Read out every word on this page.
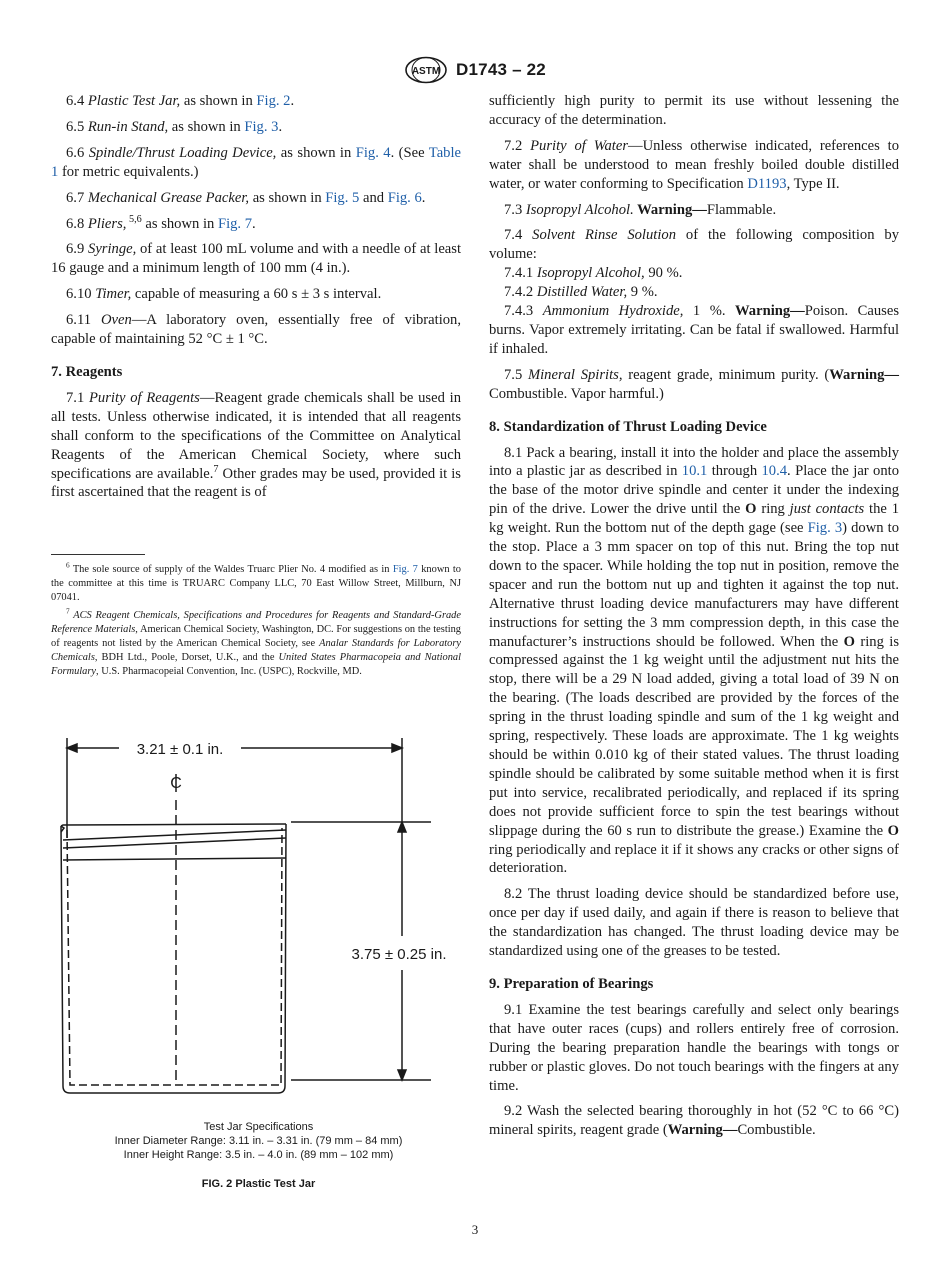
ASTM D1743 – 22

6.4 Plastic Test Jar, as shown in Fig. 2.

6.5 Run-in Stand, as shown in Fig. 3.

6.6 Spindle/Thrust Loading Device, as shown in Fig. 4. (See Table 1 for metric equivalents.)

6.7 Mechanical Grease Packer, as shown in Fig. 5 and Fig. 6.

6.8 Pliers, $^{5,6}$ as shown in Fig. 7.

6.9 Syringe, of at least 100 mL volume and with a needle of at least 16 gauge and a minimum length of 100 mm (4 in.).

6.10 Timer, capable of measuring a 60 s ± 3 s interval.

6.11 Oven—A laboratory oven, essentially free of vibration, capable of maintaining 52 °C ± 1 °C.

7. Reagents

7.1 Purity of Reagents—Reagent grade chemicals shall be used in all tests. Unless otherwise indicated, it is intended that all reagents shall conform to the specifications of the Committee on Analytical Reagents of the American Chemical Society, where such specifications are available.$^7$ Other grades may be used, provided it is first ascertained that the reagent is of

$^6$ The sole source of supply of the Waldes Truarc Plier No. 4 modified as in Fig. 7 known to the committee at this time is TRUARC Company LLC, 70 East Willow Street, Millburn, NJ 07041.

$^7$ ACS Reagent Chemicals, Specifications and Procedures for Reagents and Standard-Grade Reference Materials, American Chemical Society, Washington, DC. For suggestions on the testing of reagents not listed by the American Chemical Society, see Analar Standards for Laboratory Chemicals, BDH Ltd., Poole, Dorset, U.K., and the United States Pharmacopeia and National Formulary, U.S. Pharmacopeial Convention, Inc. (USPC), Rockville, MD.

3.21 ± 0.1 in.
C
3.75 ± 0.25 in.
Test Jar Specifications
Inner Diameter Range: 3.11 in. – 3.31 in. (79 mm – 84 mm)
Inner Height Range: 3.5 in. – 4.0 in. (89 mm – 102 mm)
FIG. 2 Plastic Test Jar

sufficiently high purity to permit its use without lessening the accuracy of the determination.

7.2 Purity of Water—Unless otherwise indicated, references to water shall be understood to mean freshly boiled double distilled water, or water conforming to Specification D1193, Type II.

7.3 Isopropyl Alcohol. Warning—Flammable.

7.4 Solvent Rinse Solution of the following composition by volume:

7.4.1 Isopropyl Alcohol, 90 %.

7.4.2 Distilled Water, 9 %.

7.4.3 Ammonium Hydroxide, 1 %. Warning—Poison. Causes burns. Vapor extremely irritating. Can be fatal if swallowed. Harmful if inhaled.

7.5 Mineral Spirits, reagent grade, minimum purity. (Warning—Combustible. Vapor harmful.)

8. Standardization of Thrust Loading Device

8.1 Pack a bearing, install it into the holder and place the assembly into a plastic jar as described in 10.1 through 10.4. Place the jar onto the base of the motor drive spindle and center it under the indexing pin of the drive. Lower the drive until the O ring just contacts the 1 kg weight. Run the bottom nut of the depth gage (see Fig. 3) down to the stop. Place a 3 mm spacer on top of this nut. Bring the top nut down to the spacer. While holding the top nut in position, remove the spacer and run the bottom nut up and tighten it against the top nut. Alternative thrust loading device manufacturers may have different instructions for setting the 3 mm compression depth, in this case the manufacturer’s instructions should be followed. When the O ring is compressed against the 1 kg weight until the adjustment nut hits the stop, there will be a 29 N load added, giving a total load of 39 N on the bearing. (The loads described are provided by the forces of the spring in the thrust loading spindle and sum of the 1 kg weight and spring, respectively. These loads are approximate. The 1 kg weights should be within 0.010 kg of their stated values. The thrust loading spindle should be calibrated by some suitable method when it is first put into service, recalibrated periodically, and replaced if its spring does not provide sufficient force to spin the test bearings without slippage during the 60 s run to distribute the grease.) Examine the O ring periodically and replace it if it shows any cracks or other signs of deterioration.

8.2 The thrust loading device should be standardized before use, once per day if used daily, and again if there is reason to believe that the standardization has changed. The thrust loading device may be standardized using one of the greases to be tested.

9. Preparation of Bearings

9.1 Examine the test bearings carefully and select only bearings that have outer races (cups) and rollers entirely free of corrosion. During the bearing preparation handle the bearings with tongs or rubber or plastic gloves. Do not touch bearings with the fingers at any time.

9.2 Wash the selected bearing thoroughly in hot (52 °C to 66 °C) mineral spirits, reagent grade (Warning—Combustible.

3
